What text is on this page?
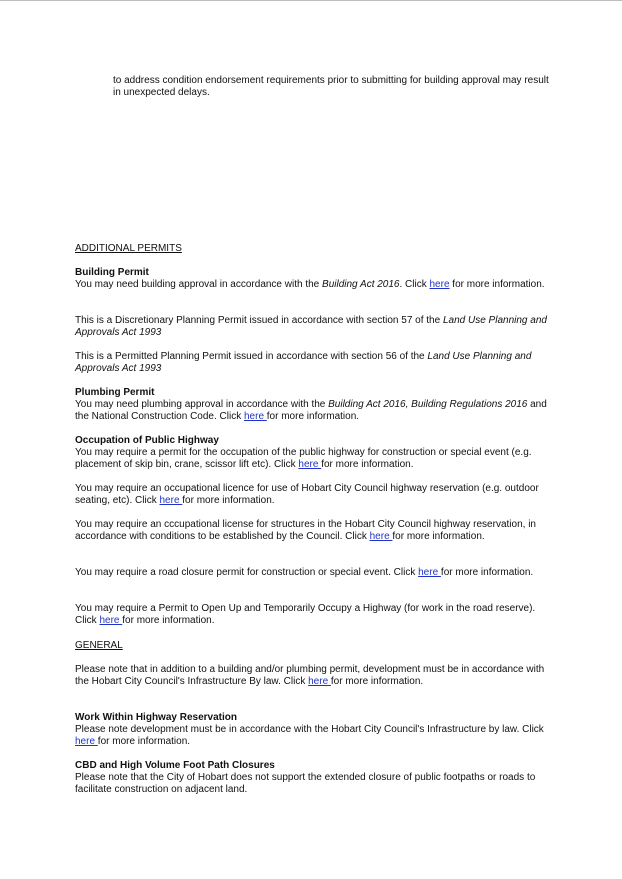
to address condition endorsement requirements prior to submitting for building approval may result in unexpected delays.

ADDITIONAL PERMITS

Building Permit

You may need building approval in accordance with the Building Act 2016. Click here for more information.

This is a Discretionary Planning Permit issued in accordance with section 57 of the Land Use Planning and Approvals Act 1993

This is a Permitted Planning Permit issued in accordance with section 56 of the Land Use Planning and Approvals Act 1993

Plumbing Permit

You may need plumbing approval in accordance with the Building Act 2016, Building Regulations 2016 and the National Construction Code. Click here for more information.

Occupation of Public Highway

You may require a permit for the occupation of the public highway for construction or special event (e.g. placement of skip bin, crane, scissor lift etc). Click here for more information.

You may require an occupational licence for use of Hobart City Council highway reservation (e.g. outdoor seating, etc). Click here for more information.

You may require an cccupational license for structures in the Hobart City Council highway reservation, in accordance with conditions to be established by the Council. Click here for more information.

You may require a road closure permit for construction or special event. Click here for more information.

You may require a Permit to Open Up and Temporarily Occupy a Highway (for work in the road reserve). Click here for more information.

GENERAL

Please note that in addition to a building and/or plumbing permit, development must be in accordance with the Hobart City Council's Infrastructure By law. Click here for more information.

Work Within Highway Reservation

Please note development must be in accordance with the Hobart City Council's Infrastructure by law. Click here for more information.

CBD and High Volume Foot Path Closures

Please note that the City of Hobart does not support the extended closure of public footpaths or roads to facilitate construction on adjacent land.
